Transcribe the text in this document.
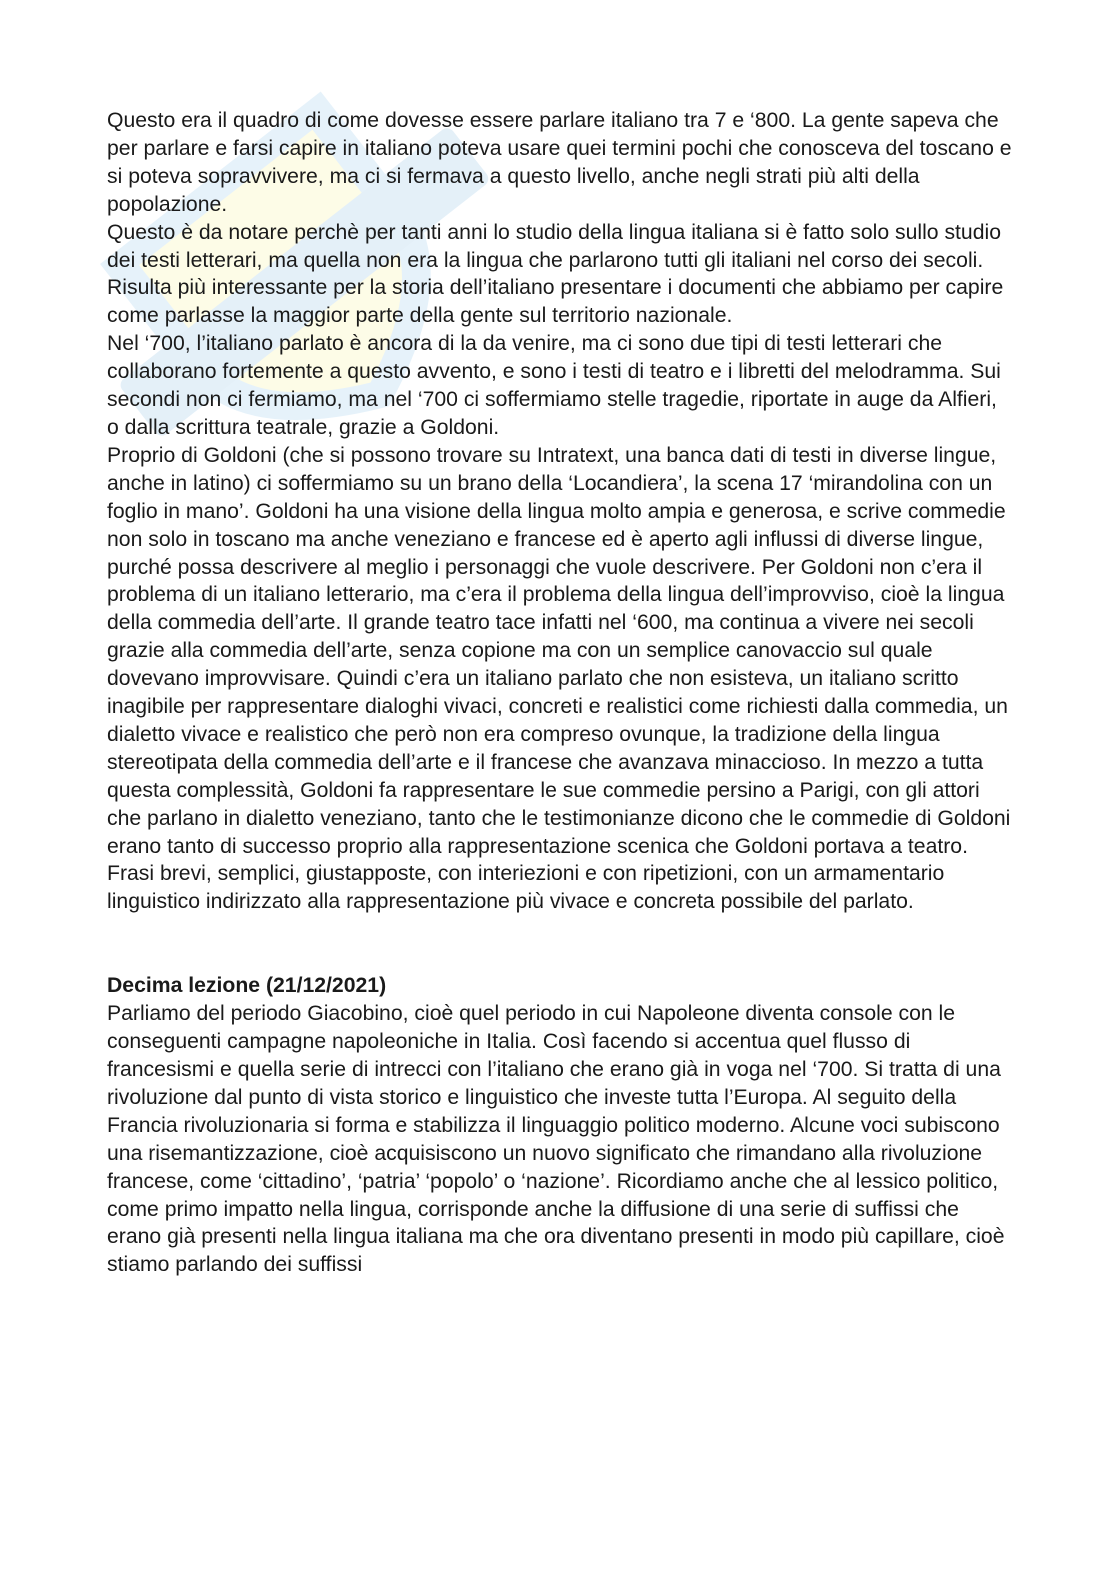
Questo era il quadro di come dovesse essere parlare italiano tra 7 e ‘800. La gente sapeva che per parlare e farsi capire in italiano poteva usare quei termini pochi che conosceva del toscano e si poteva sopravvivere, ma ci si fermava a questo livello, anche negli strati più alti della popolazione.

Questo è da notare perchè per tanti anni lo studio della lingua italiana si è fatto solo sullo studio dei testi letterari, ma quella non era la lingua che parlarono tutti gli italiani nel corso dei secoli. Risulta più interessante per la storia dell’italiano presentare i documenti che abbiamo per capire come parlasse la maggior parte della gente sul territorio nazionale.

Nel ‘700, l’italiano parlato è ancora di la da venire, ma ci sono due tipi di testi letterari che collaborano fortemente a questo avvento, e sono i testi di teatro e i libretti del melodramma. Sui secondi non ci fermiamo, ma nel ‘700 ci soffermiamo stelle tragedie, riportate in auge da Alfieri, o dalla scrittura teatrale, grazie a Goldoni.

Proprio di Goldoni (che si possono trovare su Intratext, una banca dati di testi in diverse lingue, anche in latino) ci soffermiamo su un brano della ‘Locandiera’, la scena 17 ‘mirandolina con un foglio in mano’. Goldoni ha una visione della lingua molto ampia e generosa, e scrive commedie non solo in toscano ma anche veneziano e francese ed è aperto agli influssi di diverse lingue, purché possa descrivere al meglio i personaggi che vuole descrivere. Per Goldoni non c’era il problema di un italiano letterario, ma c’era il problema della lingua dell’improvviso, cioè la lingua della commedia dell’arte. Il grande teatro tace infatti nel ‘600, ma continua a vivere nei secoli grazie alla commedia dell’arte, senza copione ma con un semplice canovaccio sul quale dovevano improvvisare. Quindi c’era un italiano parlato che non esisteva, un italiano scritto inagibile per rappresentare dialoghi vivaci, concreti e realistici come richiesti dalla commedia, un dialetto vivace e realistico che però non era compreso ovunque, la tradizione della lingua stereotipata della commedia dell’arte e il francese che avanzava minaccioso. In mezzo a tutta questa complessità, Goldoni fa rappresentare le sue commedie persino a Parigi, con gli attori che parlano in dialetto veneziano, tanto che le testimonianze dicono che le commedie di Goldoni erano tanto di successo proprio alla rappresentazione scenica che Goldoni portava a teatro. Frasi brevi, semplici, giustapposte, con interiezioni e con ripetizioni, con un armamentario linguistico indirizzato alla rappresentazione più vivace e concreta possibile del parlato.

Decima lezione (21/12/2021)

Parliamo del periodo Giacobino, cioè quel periodo in cui Napoleone diventa console con le conseguenti campagne napoleoniche in Italia. Così facendo si accentua quel flusso di francesismi e quella serie di intrecci con l’italiano che erano già in voga nel ‘700. Si tratta di una rivoluzione dal punto di vista storico e linguistico che investe tutta l’Europa. Al seguito della Francia rivoluzionaria si forma e stabilizza il linguaggio politico moderno. Alcune voci subiscono una risemantizzazione, cioè acquisiscono un nuovo significato che rimandano alla rivoluzione francese, come ‘cittadino’, ‘patria’ ‘popolo’ o ‘nazione’. Ricordiamo anche che al lessico politico, come primo impatto nella lingua, corrisponde anche la diffusione di una serie di suffissi che erano già presenti nella lingua italiana ma che ora diventano presenti in modo più capillare, cioè stiamo parlando dei suffissi
